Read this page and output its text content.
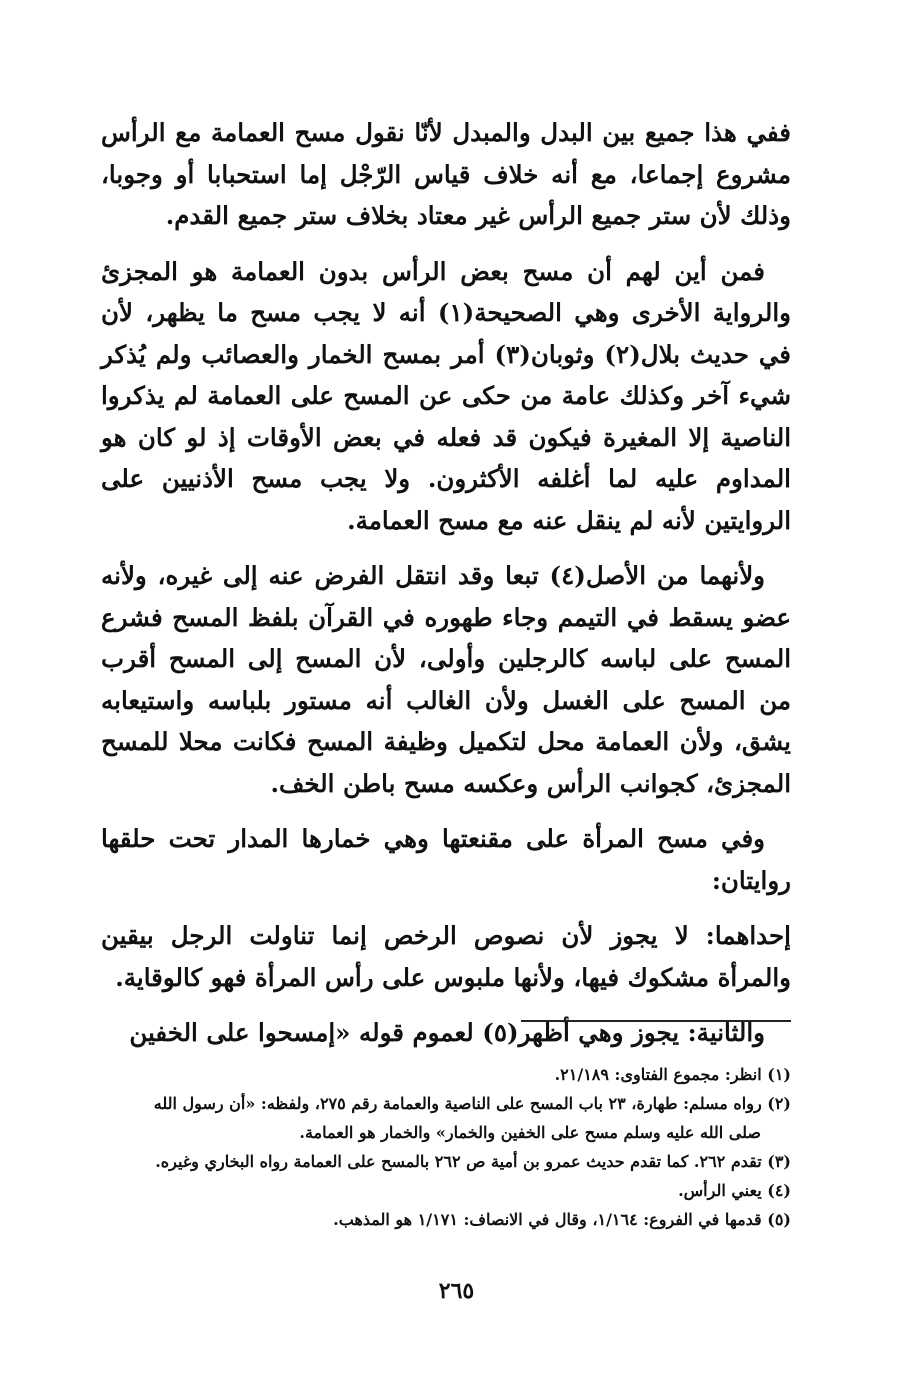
ففي هذا جميع بين البدل والمبدل لأنّا نقول مسح العمامة مع الرأس مشروع إجماعا، مع أنه خلاف قياس الرّجْل إما استحبابا أو وجوبا، وذلك لأن ستر جميع الرأس غير معتاد بخلاف ستر جميع القدم.

فمن أين لهم أن مسح بعض الرأس بدون العمامة هو المجزئ والرواية الأخرى وهي الصحيحة(١) أنه لا يجب مسح ما يظهر، لأن في حديث بلال(٢) وثوبان(٣) أمر بمسح الخمار والعصائب ولم يُذكر شيء آخر وكذلك عامة من حكى عن المسح على العمامة لم يذكروا الناصية إلا المغيرة فيكون قد فعله في بعض الأوقات إذ لو كان هو المداوم عليه لما أغلفه الأكثرون. ولا يجب مسح الأذنيين على الروايتين لأنه لم ينقل عنه مع مسح العمامة.

ولأنهما من الأصل(٤) تبعا وقد انتقل الفرض عنه إلى غيره، ولأنه عضو يسقط في التيمم وجاء طهوره في القرآن بلفظ المسح فشرع المسح على لباسه كالرجلين وأولى، لأن المسح إلى المسح أقرب من المسح على الغسل ولأن الغالب أنه مستور بلباسه واستيعابه يشق، ولأن العمامة محل لتكميل وظيفة المسح فكانت محلا للمسح المجزئ، كجوانب الرأس وعكسه مسح باطن الخف.

وفي مسح المرأة على مقنعتها وهي خمارها المدار تحت حلقها روايتان:

إحداهما: لا يجوز لأن نصوص الرخص إنما تناولت الرجل بيقين والمرأة مشكوك فيها، ولأنها ملبوس على رأس المرأة فهو كالوقاية.

والثانية: يجوز وهي أظهر(٥) لعموم قوله «إمسحوا على الخفين

(١) انظر: مجموع الفتاوى: ٢١/١٨٩.

(٢) رواه مسلم: طهارة، ٢٣ باب المسح على الناصية والعمامة رقم ٢٧٥، ولفظه: «أن رسول الله

صلى الله عليه وسلم مسح على الخفين والخمار» والخمار هو العمامة.

(٣) تقدم ٢٦٢. كما تقدم حديث عمرو بن أمية ص ٢٦٢ بالمسح على العمامة رواه البخاري وغيره.

(٤) يعني الرأس.

(٥) قدمها في الفروع: ١/١٦٤، وقال في الانصاف: ١/١٧١ هو المذهب.

٢٦٥
